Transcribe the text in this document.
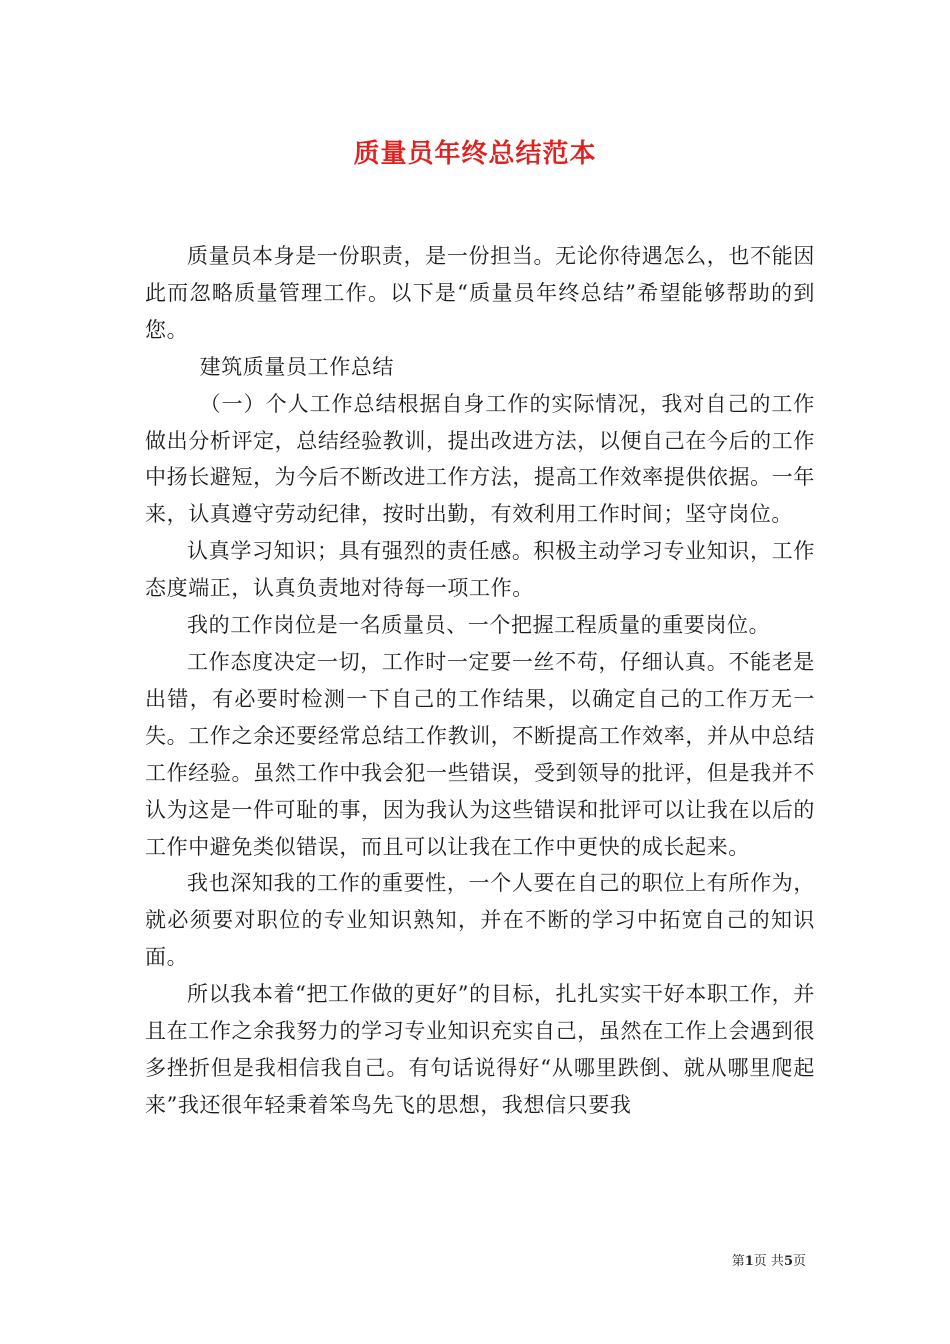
质量员年终总结范本

质量员本身是一份职责，是一份担当。无论你待遇怎么，也不能因此而忽略质量管理工作。以下是“质量员年终总结”希望能够帮助的到您。

建筑质量员工作总结

（一）个人工作总结根据自身工作的实际情况，我对自己的工作做出分析评定，总结经验教训，提出改进方法，以便自己在今后的工作中扬长避短，为今后不断改进工作方法，提高工作效率提供依据。一年来，认真遵守劳动纪律，按时出勤，有效利用工作时间；坚守岗位。

认真学习知识；具有强烈的责任感。积极主动学习专业知识，工作态度端正，认真负责地对待每一项工作。

我的工作岗位是一名质量员、一个把握工程质量的重要岗位。

工作态度决定一切，工作时一定要一丝不苟，仔细认真。不能老是出错，有必要时检测一下自己的工作结果，以确定自己的工作万无一失。工作之余还要经常总结工作教训，不断提高工作效率，并从中总结工作经验。虽然工作中我会犯一些错误，受到领导的批评，但是我并不认为这是一件可耻的事，因为我认为这些错误和批评可以让我在以后的工作中避免类似错误，而且可以让我在工作中更快的成长起来。

我也深知我的工作的重要性，一个人要在自己的职位上有所作为，就必须要对职位的专业知识熟知，并在不断的学习中拓宽自己的知识面。

所以我本着“把工作做的更好”的目标，扎扎实实干好本职工作，并且在工作之余我努力的学习专业知识充实自己，虽然在工作上会遇到很多挫折但是我相信我自己。有句话说得好“从哪里跌倒、就从哪里爬起来”我还很年轻秉着笨鸟先飞的思想，我想信只要我

第1页 共5页
